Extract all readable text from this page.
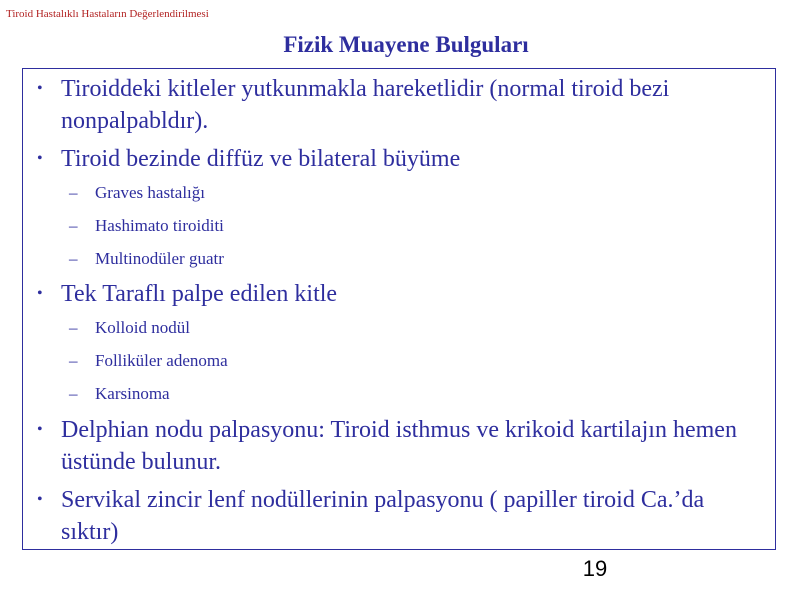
Tiroid Hastalıklı Hastaların Değerlendirilmesi
Fizik Muayene Bulguları
• Tiroiddeki kitleler yutkunmakla hareketlidir (normal tiroid bezi nonpalpabldır).
• Tiroid bezinde diffüz ve bilateral büyüme
– Graves hastalığı
– Hashimato tiroiditi
– Multinodüler guatr
• Tek Taraflı palpe edilen kitle
– Kolloid nodül
– Folliküler adenoma
– Karsinoma
• Delphian nodu palpasyonu: Tiroid isthmus ve krikoid kartilajın hemen üstünde bulunur.
• Servikal zincir lenf nodüllerinin palpasyonu ( papiller tiroid Ca.’da sıktır)
19
